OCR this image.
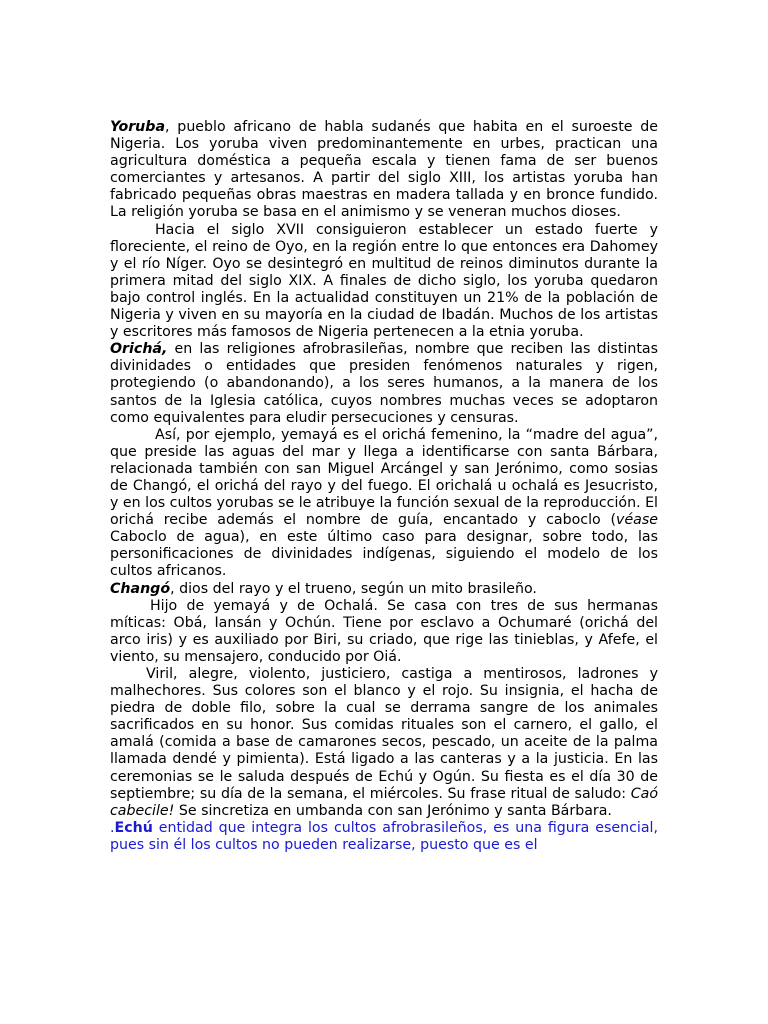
Yoruba, pueblo africano de habla sudanés que habita en el suroeste de Nigeria. Los yoruba viven predominantemente en urbes, practican una agricultura doméstica a pequeña escala y tienen fama de ser buenos comerciantes y artesanos. A partir del siglo XIII, los artistas yoruba han fabricado pequeñas obras maestras en madera tallada y en bronce fundido. La religión yoruba se basa en el animismo y se veneran muchos dioses.

Hacia el siglo XVII consiguieron establecer un estado fuerte y floreciente, el reino de Oyo, en la región entre lo que entonces era Dahomey y el río Níger. Oyo se desintegró en multitud de reinos diminutos durante la primera mitad del siglo XIX. A finales de dicho siglo, los yoruba quedaron bajo control inglés. En la actualidad constituyen un 21% de la población de Nigeria y viven en su mayoría en la ciudad de Ibadán. Muchos de los artistas y escritores más famosos de Nigeria pertenecen a la etnia yoruba.

Orichá, en las religiones afrobrasileñas, nombre que reciben las distintas divinidades o entidades que presiden fenómenos naturales y rigen, protegiendo (o abandonando), a los seres humanos, a la manera de los santos de la Iglesia católica, cuyos nombres muchas veces se adoptaron como equivalentes para eludir persecuciones y censuras.

Así, por ejemplo, yemayá es el orichá femenino, la “madre del agua”, que preside las aguas del mar y llega a identificarse con santa Bárbara, relacionada también con san Miguel Arcángel y san Jerónimo, como sosias de Changó, el orichá del rayo y del fuego. El orichalá u ochalá es Jesucristo, y en los cultos yorubas se le atribuye la función sexual de la reproducción. El orichá recibe además el nombre de guía, encantado y caboclo (véase Caboclo de agua), en este último caso para designar, sobre todo, las personificaciones de divinidades indígenas, siguiendo el modelo de los cultos africanos.

Changó, dios del rayo y el trueno, según un mito brasileño.

Hijo de yemayá y de Ochalá. Se casa con tres de sus hermanas míticas: Obá, Iansán y Ochún. Tiene por esclavo a Ochumaré (orichá del arco iris) y es auxiliado por Biri, su criado, que rige las tinieblas, y Afefe, el viento, su mensajero, conducido por Oiá.

Viril, alegre, violento, justiciero, castiga a mentirosos, ladrones y malhechores. Sus colores son el blanco y el rojo. Su insignia, el hacha de piedra de doble filo, sobre la cual se derrama sangre de los animales sacrificados en su honor. Sus comidas rituales son el carnero, el gallo, el amalá (comida a base de camarones secos, pescado, un aceite de la palma llamada dendé y pimienta). Está ligado a las canteras y a la justicia. En las ceremonias se le saluda después de Echú y Ogún. Su fiesta es el día 30 de septiembre; su día de la semana, el miércoles. Su frase ritual de saludo: Caó cabecile! Se sincretiza en umbanda con san Jerónimo y santa Bárbara.

.Echú entidad que integra los cultos afrobrasileños, es una figura esencial, pues sin él los cultos no pueden realizarse, puesto que es el
